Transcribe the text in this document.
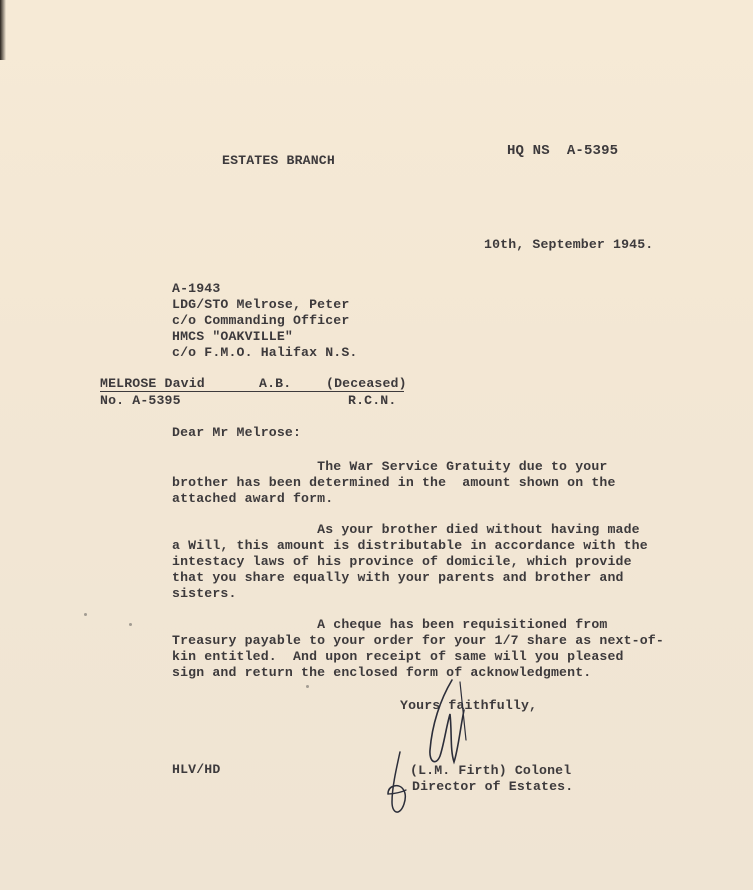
ESTATES BRANCH
HQ NS  A-5395
10th, September 1945.
A-1943
LDG/STO Melrose, Peter
c/o Commanding Officer
HMCS "OAKVILLE"
c/o F.M.O. Halifax N.S.
MELROSE David	A.B.	(Deceased)
No. A-5395	R.C.N.
Dear Mr Melrose:
The War Service Gratuity due to your
brother has been determined in the  amount shown on the
attached award form.
As your brother died without having made
a Will, this amount is distributable in accordance with the
intestacy laws of his province of domicile, which provide
that you share equally with your parents and brother and
sisters.
A cheque has been requisitioned from
Treasury payable to your order for your 1/7 share as next-of-
kin entitled.  And upon receipt of same will you pleased
sign and return the enclosed form of acknowledgment.
Yours faithfully,
HLV/HD	(L.M. Firth) Colonel
Director of Estates.
